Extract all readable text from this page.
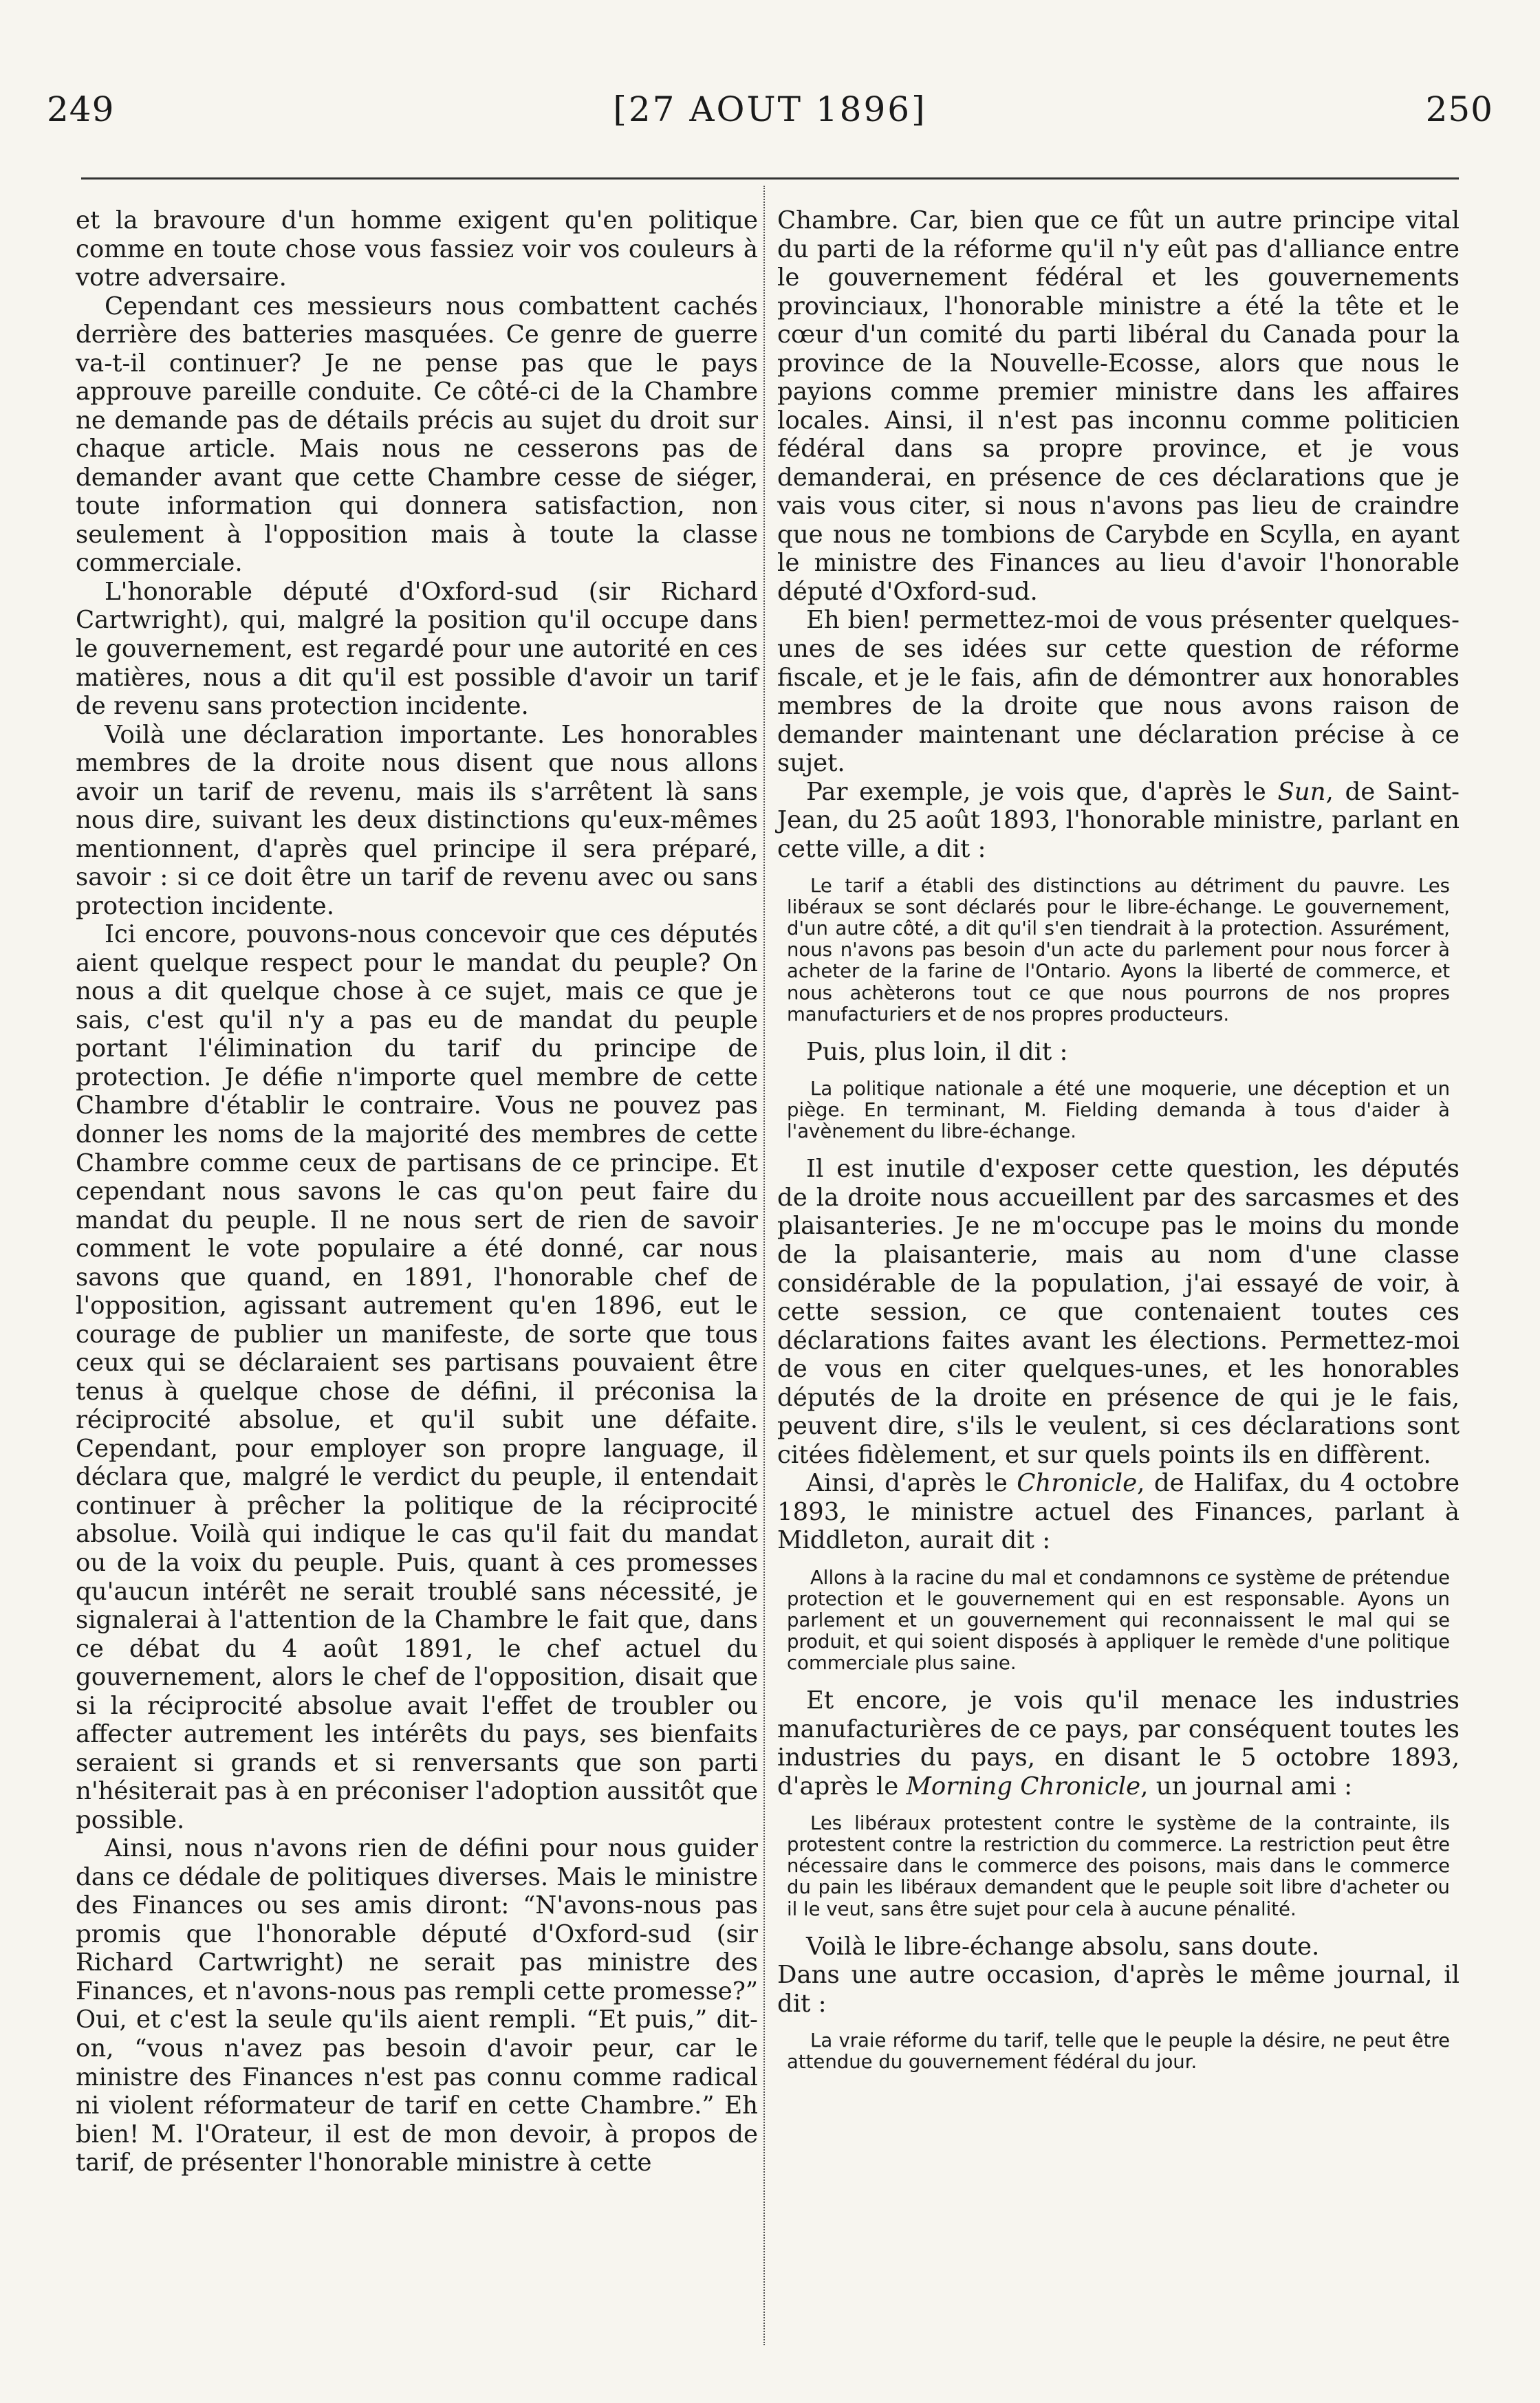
249	[27 AOUT 1896]	250

et la bravoure d'un homme exigent qu'en politique comme en toute chose vous fassiez voir vos couleurs à votre adversaire.

Cependant ces messieurs nous combattent cachés derrière des batteries masquées. Ce genre de guerre va-t-il continuer? Je ne pense pas que le pays approuve pareille conduite. Ce côté-ci de la Chambre ne demande pas de détails précis au sujet du droit sur chaque article. Mais nous ne cesserons pas de demander avant que cette Chambre cesse de siéger, toute information qui donnera satisfaction, non seulement à l'opposition mais à toute la classe commerciale.

L'honorable député d'Oxford-sud (sir Richard Cartwright), qui, malgré la position qu'il occupe dans le gouvernement, est regardé pour une autorité en ces matières, nous a dit qu'il est possible d'avoir un tarif de revenu sans protection incidente.

Voilà une déclaration importante. Les honorables membres de la droite nous disent que nous allons avoir un tarif de revenu, mais ils s'arrêtent là sans nous dire, suivant les deux distinctions qu'eux-mêmes mentionnent, d'après quel principe il sera préparé, savoir : si ce doit être un tarif de revenu avec ou sans protection incidente.

Ici encore, pouvons-nous concevoir que ces députés aient quelque respect pour le mandat du peuple? On nous a dit quelque chose à ce sujet, mais ce que je sais, c'est qu'il n'y a pas eu de mandat du peuple portant l'élimination du tarif du principe de protection. Je défie n'importe quel membre de cette Chambre d'établir le contraire. Vous ne pouvez pas donner les noms de la majorité des membres de cette Chambre comme ceux de partisans de ce principe. Et cependant nous savons le cas qu'on peut faire du mandat du peuple. Il ne nous sert de rien de savoir comment le vote populaire a été donné, car nous savons que quand, en 1891, l'honorable chef de l'opposition, agissant autrement qu'en 1896, eut le courage de publier un manifeste, de sorte que tous ceux qui se déclaraient ses partisans pouvaient être tenus à quelque chose de défini, il préconisa la réciprocité absolue, et qu'il subit une défaite. Cependant, pour employer son propre language, il déclara que, malgré le verdict du peuple, il entendait continuer à prêcher la politique de la réciprocité absolue. Voilà qui indique le cas qu'il fait du mandat ou de la voix du peuple. Puis, quant à ces promesses qu'aucun intérêt ne serait troublé sans nécessité, je signalerai à l'attention de la Chambre le fait que, dans ce débat du 4 août 1891, le chef actuel du gouvernement, alors le chef de l'opposition, disait que si la réciprocité absolue avait l'effet de troubler ou affecter autrement les intérêts du pays, ses bienfaits seraient si grands et si renversants que son parti n'hésiterait pas à en préconiser l'adoption aussitôt que possible.

Ainsi, nous n'avons rien de défini pour nous guider dans ce dédale de politiques diverses. Mais le ministre des Finances ou ses amis diront: “N'avons-nous pas promis que l'honorable député d'Oxford-sud (sir Richard Cartwright) ne serait pas ministre des Finances, et n'avons-nous pas rempli cette promesse?” Oui, et c'est la seule qu'ils aient rempli. “Et puis,” dit-on, “vous n'avez pas besoin d'avoir peur, car le ministre des Finances n'est pas connu comme radical ni violent réformateur de tarif en cette Chambre.” Eh bien! M. l'Orateur, il est de mon devoir, à propos de tarif, de présenter l'honorable ministre à cette

Chambre. Car, bien que ce fût un autre principe vital du parti de la réforme qu'il n'y eût pas d'alliance entre le gouvernement fédéral et les gouvernements provinciaux, l'honorable ministre a été la tête et le cœur d'un comité du parti libéral du Canada pour la province de la Nouvelle-Ecosse, alors que nous le payions comme premier ministre dans les affaires locales. Ainsi, il n'est pas inconnu comme politicien fédéral dans sa propre province, et je vous demanderai, en présence de ces déclarations que je vais vous citer, si nous n'avons pas lieu de craindre que nous ne tombions de Carybde en Scylla, en ayant le ministre des Finances au lieu d'avoir l'honorable député d'Oxford-sud.

Eh bien! permettez-moi de vous présenter quelques-unes de ses idées sur cette question de réforme fiscale, et je le fais, afin de démontrer aux honorables membres de la droite que nous avons raison de demander maintenant une déclaration précise à ce sujet.

Par exemple, je vois que, d'après le Sun, de Saint-Jean, du 25 août 1893, l'honorable ministre, parlant en cette ville, a dit :

Le tarif a établi des distinctions au détriment du pauvre. Les libéraux se sont déclarés pour le libre-échange. Le gouvernement, d'un autre côté, a dit qu'il s'en tiendrait à la protection. Assurément, nous n'avons pas besoin d'un acte du parlement pour nous forcer à acheter de la farine de l'Ontario. Ayons la liberté de commerce, et nous achèterons tout ce que nous pourrons de nos propres manufacturiers et de nos propres producteurs.

Puis, plus loin, il dit :

La politique nationale a été une moquerie, une déception et un piège. En terminant, M. Fielding demanda à tous d'aider à l'avènement du libre-échange.

Il est inutile d'exposer cette question, les députés de la droite nous accueillent par des sarcasmes et des plaisanteries. Je ne m'occupe pas le moins du monde de la plaisanterie, mais au nom d'une classe considérable de la population, j'ai essayé de voir, à cette session, ce que contenaient toutes ces déclarations faites avant les élections. Permettez-moi de vous en citer quelques-unes, et les honorables députés de la droite en présence de qui je le fais, peuvent dire, s'ils le veulent, si ces déclarations sont citées fidèlement, et sur quels points ils en diffèrent.

Ainsi, d'après le Chronicle, de Halifax, du 4 octobre 1893, le ministre actuel des Finances, parlant à Middleton, aurait dit :

Allons à la racine du mal et condamnons ce système de prétendue protection et le gouvernement qui en est responsable. Ayons un parlement et un gouvernement qui reconnaissent le mal qui se produit, et qui soient disposés à appliquer le remède d'une politique commerciale plus saine.

Et encore, je vois qu'il menace les industries manufacturières de ce pays, par conséquent toutes les industries du pays, en disant le 5 octobre 1893, d'après le Morning Chronicle, un journal ami :

Les libéraux protestent contre le système de la contrainte, ils protestent contre la restriction du commerce. La restriction peut être nécessaire dans le commerce des poisons, mais dans le commerce du pain les libéraux demandent que le peuple soit libre d'acheter ou il le veut, sans être sujet pour cela à aucune pénalité.

Voilà le libre-échange absolu, sans doute.

Dans une autre occasion, d'après le même journal, il dit :

La vraie réforme du tarif, telle que le peuple la désire, ne peut être attendue du gouvernement fédéral du jour.
